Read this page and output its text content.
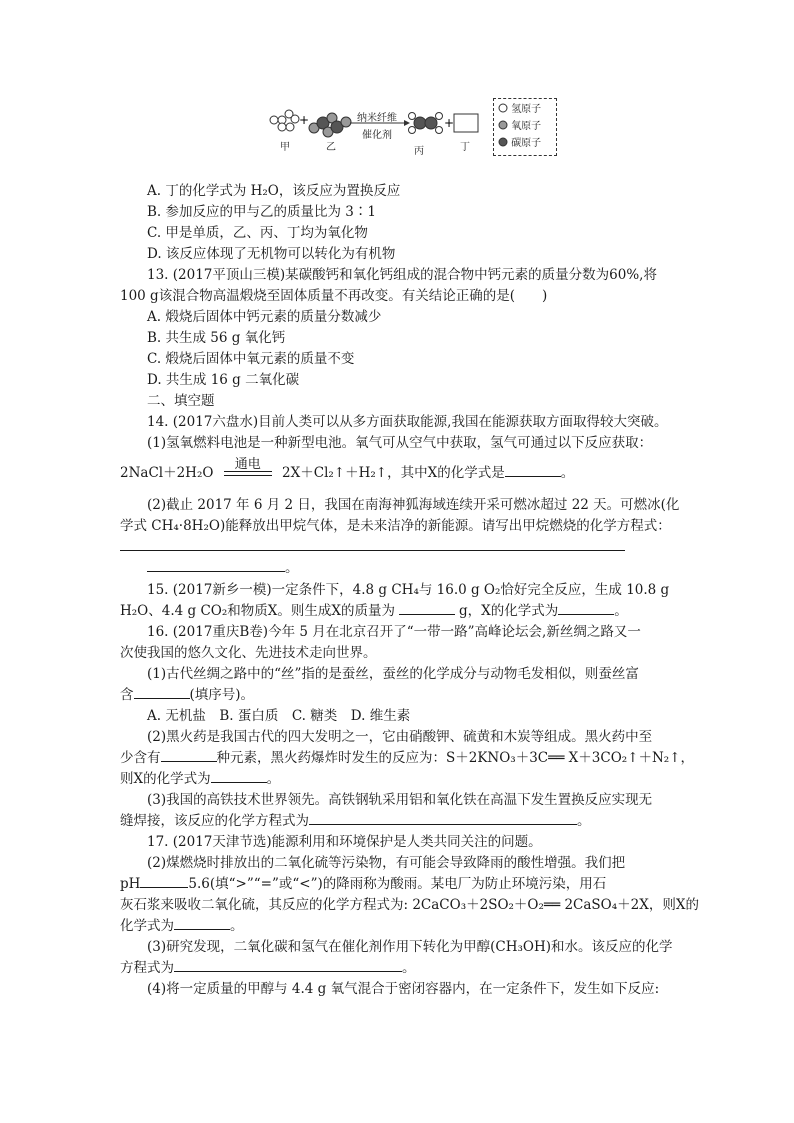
+	+
甲	乙	丙	丁
纳米纤维
催化剂
氢原子
氧原子
碳原子
A. 丁的化学式为 H₂O，该反应为置换反应
B. 参加反应的甲与乙的质量比为 3∶1
C. 甲是单质，乙、丙、丁均为氧化物
D. 该反应体现了无机物可以转化为有机物
13. (2017平顶山三模)某碳酸钙和氧化钙组成的混合物中钙元素的质量分数为60%,将
100 g该混合物高温煅烧至固体质量不再改变。有关结论正确的是(　　)
A. 煅烧后固体中钙元素的质量分数减少
B. 共生成 56 g 氧化钙
C. 煅烧后固体中氧元素的质量不变
D. 共生成 16 g 二氧化碳
二、填空题
14. (2017六盘水)目前人类可以从多方面获取能源,我国在能源获取方面取得较大突破。
(1)氢氧燃料电池是一种新型电池。氧气可从空气中获取，氢气可通过以下反应获取：
2NaCl＋2H₂O
通电
2X＋Cl₂↑＋H₂↑，其中X的化学式是	。
(2)截止 2017 年 6 月 2 日，我国在南海神狐海域连续开采可燃冰超过 22 天。可燃冰(化
学式 CH₄·8H₂O)能释放出甲烷气体，是未来洁净的新能源。请写出甲烷燃烧的化学方程式：
。
15. (2017新乡一模)一定条件下，4.8 g CH₄与 16.0 g O₂恰好完全反应，生成 10.8 g
H₂O、4.4 g CO₂和物质X。则生成X的质量为	g，X的化学式为	。
16. (2017重庆B卷)今年 5 月在北京召开了“一带一路”高峰论坛会,新丝绸之路又一
次使我国的悠久文化、先进技术走向世界。
(1)古代丝绸之路中的“丝”指的是蚕丝，蚕丝的化学成分与动物毛发相似，则蚕丝富
含	(填序号)。
A. 无机盐　B. 蛋白质　C. 糖类　D. 维生素
(2)黑火药是我国古代的四大发明之一，它由硝酸钾、硫黄和木炭等组成。黑火药中至
少含有	种元素，黑火药爆炸时发生的反应为：S＋2KNO₃＋3C══ X＋3CO₂↑＋N₂↑，
则X的化学式为	。
(3)我国的高铁技术世界领先。高铁钢轨采用铝和氧化铁在高温下发生置换反应实现无
缝焊接，该反应的化学方程式为	。
17. (2017天津节选)能源利用和环境保护是人类共同关注的问题。
(2)煤燃烧时排放出的二氧化硫等污染物，有可能会导致降雨的酸性增强。我们把
pH	5.6(填“>”“=”或“<”)的降雨称为酸雨。某电厂为防止环境污染，用石
灰石浆来吸收二氧化硫，其反应的化学方程式为: 2CaCO₃＋2SO₂＋O₂══ 2CaSO₄＋2X，则X的
化学式为	。
(3)研究发现，二氧化碳和氢气在催化剂作用下转化为甲醇(CH₃OH)和水。该反应的化学
方程式为	。
(4)将一定质量的甲醇与 4.4 g 氧气混合于密闭容器内，在一定条件下，发生如下反应:
